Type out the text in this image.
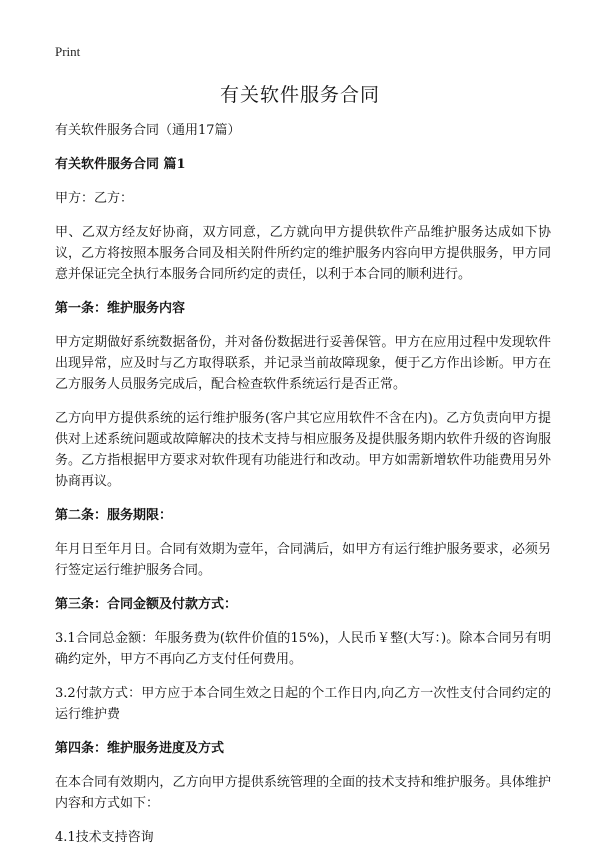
Print
有关软件服务合同

有关软件服务合同（通用17篇）

有关软件服务合同 篇1

甲方：乙方：

甲、乙双方经友好协商，双方同意，乙方就向甲方提供软件产品维护服务达成如下协议，乙方将按照本服务合同及相关附件所约定的维护服务内容向甲方提供服务，甲方同意并保证完全执行本服务合同所约定的责任，以利于本合同的顺利进行。

第一条：维护服务内容

甲方定期做好系统数据备份，并对备份数据进行妥善保管。甲方在应用过程中发现软件出现异常，应及时与乙方取得联系，并记录当前故障现象，便于乙方作出诊断。甲方在乙方服务人员服务完成后，配合检查软件系统运行是否正常。

乙方向甲方提供系统的运行维护服务(客户其它应用软件不含在内)。乙方负责向甲方提供对上述系统问题或故障解决的技术支持与相应服务及提供服务期内软件升级的咨询服务。乙方指根据甲方要求对软件现有功能进行和改动。甲方如需新增软件功能费用另外协商再议。

第二条：服务期限：

年月日至年月日。合同有效期为壹年，合同满后，如甲方有运行维护服务要求，必须另行签定运行维护服务合同。

第三条：合同金额及付款方式：

3.1合同总金额：年服务费为(软件价值的15%)，人民币￥整(大写：)。除本合同另有明确约定外，甲方不再向乙方支付任何费用。

3.2付款方式：甲方应于本合同生效之日起的个工作日内,向乙方一次性支付合同约定的运行维护费

第四条：维护服务进度及方式

在本合同有效期内，乙方向甲方提供系统管理的全面的技术支持和维护服务。具体维护内容和方式如下：

4.1技术支持咨询
